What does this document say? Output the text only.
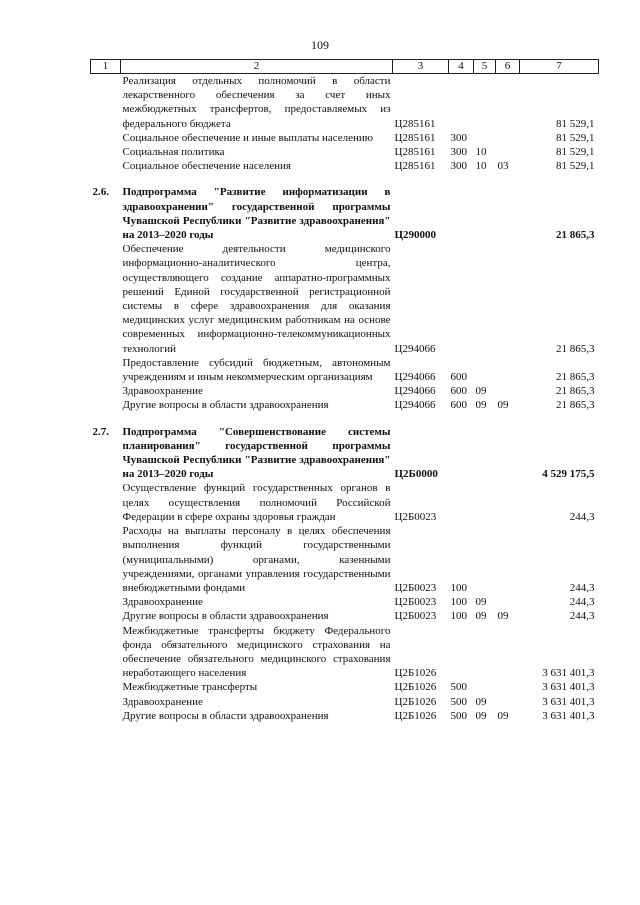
109
1	2	3	4	5	6	7
	Реализация отдельных полномочий в области лекарственного обеспечения за счет иных межбюджетных трансфертов, предоставляемых из федерального бюджета	Ц285161				81 529,1
	Социальное обеспечение и иные выплаты населению	Ц285161	300			81 529,1
	Социальная политика	Ц285161	300	10		81 529,1
	Социальное обеспечение населения	Ц285161	300	10	03	81 529,1

2.6.	Подпрограмма "Развитие информатизации в здравоохранении" государственной программы Чувашской Республики "Развитие здравоохранения" на 2013–2020 годы	Ц290000				21 865,3
	Обеспечение деятельности медицинского информационно-аналитического центра, осуществляющего создание аппаратно-программных решений Единой государственной регистрационной системы в сфере здравоохранения для оказания медицинских услуг медицинским работникам на основе современных информационно-телекоммуникационных технологий	Ц294066				21 865,3
	Предоставление субсидий бюджетным, автономным учреждениям и иным некоммерческим организациям	Ц294066	600			21 865,3
	Здравоохранение	Ц294066	600	09		21 865,3
	Другие вопросы в области здравоохранения	Ц294066	600	09	09	21 865,3

2.7.	Подпрограмма "Совершенствование системы планирования" государственной программы Чувашской Республики "Развитие здравоохранения" на 2013–2020 годы	Ц2Б0000				4 529 175,5
	Осуществление функций государственных органов в целях осуществления полномочий Российской Федерации в сфере охраны здоровья граждан	Ц2Б0023				244,3
	Расходы на выплаты персоналу в целях обеспечения выполнения функций государственными (муниципальными) органами, казенными учреждениями, органами управления государственными внебюджетными фондами	Ц2Б0023	100			244,3
	Здравоохранение	Ц2Б0023	100	09		244,3
	Другие вопросы в области здравоохранения	Ц2Б0023	100	09	09	244,3
	Межбюджетные трансферты бюджету Федерального фонда обязательного медицинского страхования на обеспечение обязательного медицинского страхования неработающего населения	Ц2Б1026				3 631 401,3
	Межбюджетные трансферты	Ц2Б1026	500			3 631 401,3
	Здравоохранение	Ц2Б1026	500	09		3 631 401,3
	Другие вопросы в области здравоохранения	Ц2Б1026	500	09	09	3 631 401,3
